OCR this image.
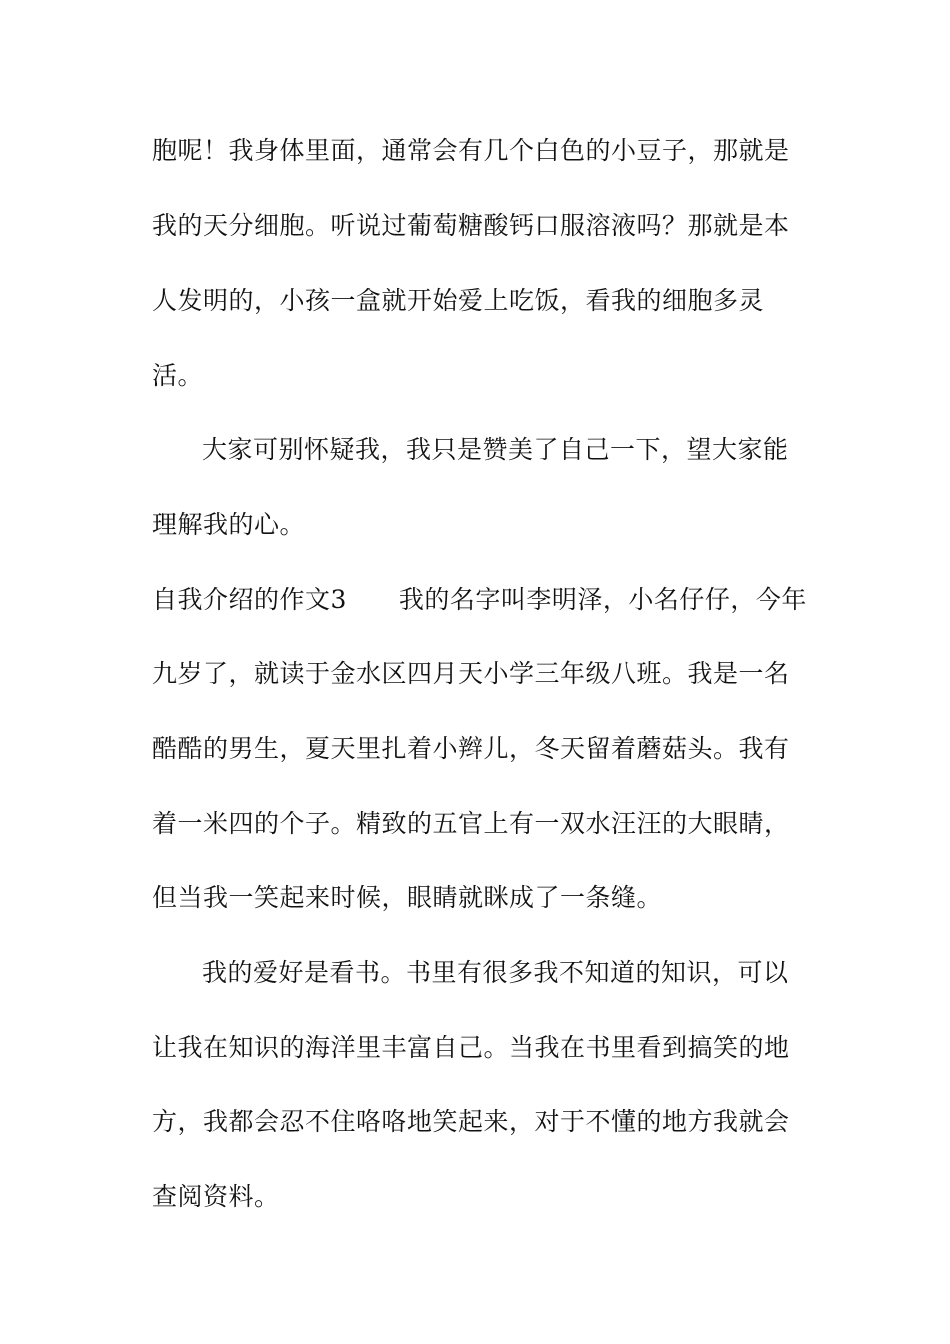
胞呢！我身体里面，通常会有几个白色的小豆子，那就是
我的天分细胞。听说过葡萄糖酸钙口服溶液吗？那就是本
人发明的，小孩一盒就开始爱上吃饭，看我的细胞多灵
活。
大家可别怀疑我，我只是赞美了自己一下，望大家能
理解我的心。
自我介绍的作文3 我的名字叫李明泽，小名仔仔，今年
九岁了，就读于金水区四月天小学三年级八班。我是一名
酷酷的男生，夏天里扎着小辫儿，冬天留着蘑菇头。我有
着一米四的个子。精致的五官上有一双水汪汪的大眼睛，
但当我一笑起来时候，眼睛就眯成了一条缝。
我的爱好是看书。书里有很多我不知道的知识，可以
让我在知识的海洋里丰富自己。当我在书里看到搞笑的地
方，我都会忍不住咯咯地笑起来，对于不懂的地方我就会
查阅资料。
